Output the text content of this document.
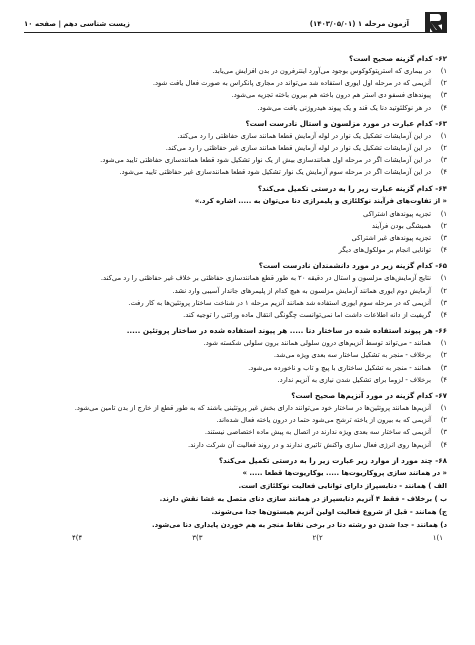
آزمون مرحله ۱ (۱۴۰۳/۰۵/۰۱)
زیست شناسی دهم | صفحه ۱۰
۶۲- کدام گزینه صحیح است؟
۱)در بیماری که استرپتوکوکوس بوجود می‌آورد اینترفرون در بدن افزایش می‌یابد.
۲)آنزیمی که در مرحله اول ایوری استفاده شد می‌تواند در مجاری پانکراس به صورت فعال یافت شود.
۳)پیوندهای فسفو دی استر هم درون باخته هم بیرون باخته تجزیه می‌شود.
۴)در هر نوکلئوتید دنا یک قند و یک پیوند هیدروژنی یافت می‌شود.
۶۳- کدام عبارت در مورد مزلسون و استال نادرست است؟
۱)در این آزمایشات تشکیل یک نوار در لوله آزمایش قطعا همانند سازی حفاظتی را رد می‌کند.
۲)در این آزمایشات تشکیل یک نوار در لوله آزمایش قطعا همانند سازی غیر حفاظتی را رد می‌کند.
۳)در این آزمایشات اگر در مرحله اول همانندسازی بیش از یک نوار تشکیل شود قطعا همانندسازی حفاظتی تایید می‌شود.
۴)در این آزمایشات اگر در مرحله سوم آزمایش یک نوار تشکیل شود قطعا همانندسازی غیر حفاظتی تایید می‌شود.
۶۴- کدام گزینه عبارت زیر را به درستی تکمیل می‌کند؟
« از تفاوت‌های فرآیند نوکلئازی و پلیمرازی دنا می‌توان به ..... اشاره کرد.»
۱)تجزیه پیوندهای اشتراکی
۲)همیشگی بودن فرآیند
۳)تجزیه پیوندهای غیر اشتراکی
۴)توانایی انجام بر مولکول‌های دیگر
۶۵- کدام گزینه زیر در مورد دانشمندان نادرست است؟
۱)نتایج آزمایش‌های مزلسون و استال در دقیقه ۲۰ به طور قطع همانندسازی حفاظتی بر خلاف غیر حفاظتی را رد می‌کند.
۲)آزمایش دوم ایوری همانند آزمایش مزلسون به هیچ کدام از پلیمرهای جاندار آسیبی وارد نشد.
۳)آنزیمی که در مرحله سوم ایوری استفاده شد همانند آنزیم مرحله ۱ در شناخت ساختار پروتئین‌ها به کار رفت.
۴)گریفیت از دانه اطلاعات داشت اما نمی‌توانست چگونگی انتقال ماده وراثتی را توجیه کند.
۶۶- هر پیوند استفاده شده در ساختار دنا ..... هر پیوند استفاده شده در ساختار پروتئین .....
۱)همانند - می‌تواند توسط آنزیم‌های درون سلولی همانند برون سلولی شکسته شود.
۲)برخلاف - منجر به تشکیل ساختار سه بعدی ویژه می‌شد.
۳)همانند - منجر به تشکیل ساختاری با پیچ و تاب و ناخورده می‌شود.
۴)برخلاف - لزوما برای تشکیل شدن نیازی به آنزیم ندارد.
۶۷- کدام گزینه در مورد آنزیم‌ها صحیح است؟
۱)آنزیم‌ها همانند پروتئین‌ها در ساختار خود می‌توانند دارای بخش غیر پروتئینی باشند که به طور قطع از خارج از بدن تامین می‌شود.
۲)آنزیمی که به بیرون از یاخته ترشح می‌شود حتما در درون یاخته فعال شده‌اند.
۳)آنزیمی که ساختار سه بعدی ویژه ندارند در اتصال به پیش ماده اختصاصی نیستند.
۴)آنزیم‌ها روی انرژی فعال سازی واکنش تاثیری ندارند و در روند فعالیت آن شرکت دارند.
۶۸- چند مورد از موارد زیر عبارت زیر را به درستی تکمیل می‌کند؟
« در همانند سازی پروکاریوت‌ها ..... یوکاریوت‌ها قطعا ..... »
الف ) همانند - دنابسپراز دارای توانایی فعالیت نوکلئازی است.
ب ) برخلاف - فقط ۴ آنزیم دنابسپراز در همانند سازی دنای متصل به غشا نقش دارند.
ج) همانند - قبل از شروع فعالیت اولین آنزیم هیستون‌ها جدا می‌شوند.
د) همانند - جدا شدن دو رشته دنا در برخی نقاط منجر به هم خوردن پایداری دنا می‌شود.
۱)۱
۲)۲
۳)۳
۴)۴
